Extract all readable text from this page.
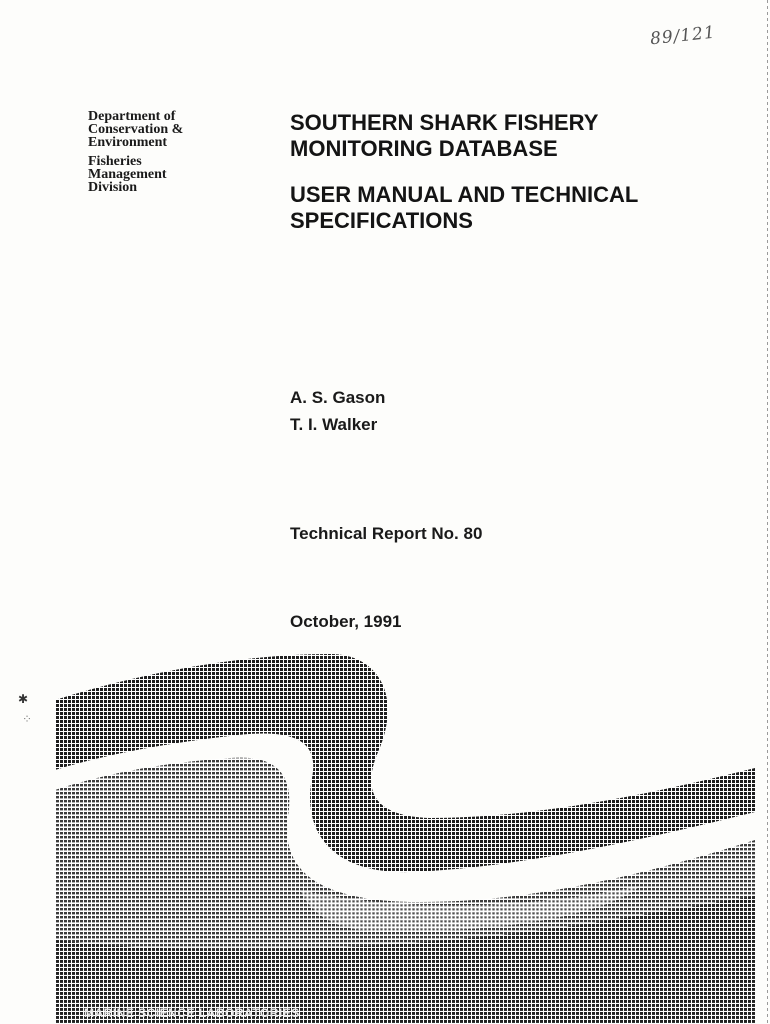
89/121
Department of
Conservation &
Environment
Fisheries
Management
Division
SOUTHERN SHARK FISHERY
MONITORING DATABASE
USER MANUAL AND TECHNICAL
SPECIFICATIONS
A. S. Gason
T. I. Walker
Technical Report No. 80
October, 1991
✱
⁘
MARINE SCIENCE LABORATORIES
